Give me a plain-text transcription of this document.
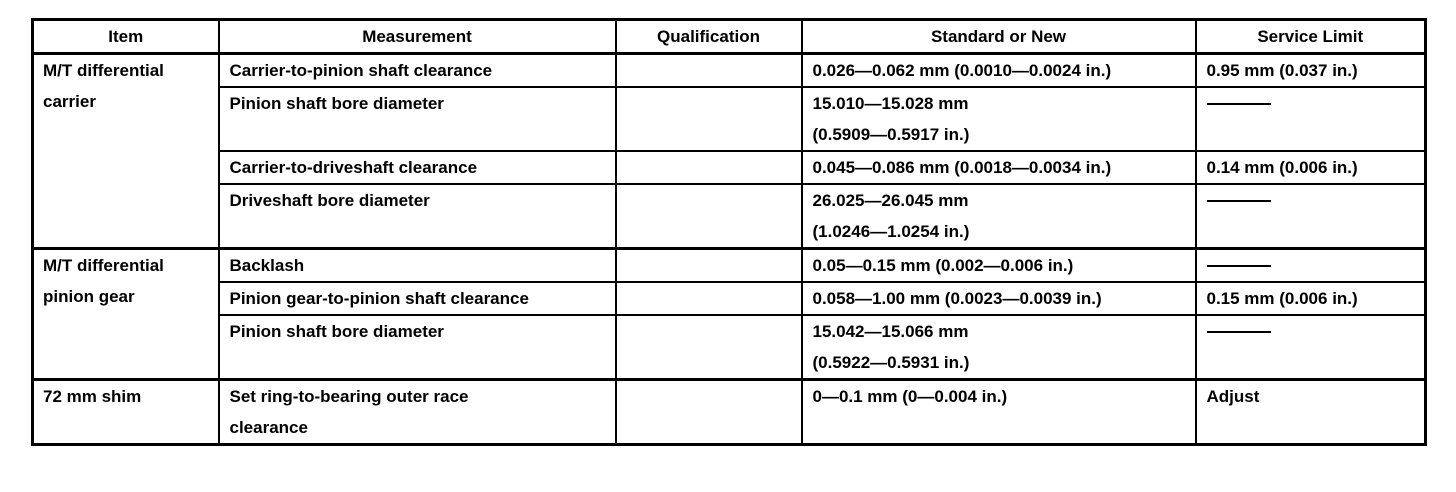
Item	Measurement	Qualification	Standard or New	Service Limit

M/T differential
carrier	Carrier-to-pinion shaft clearance		0.026—0.062 mm (0.0010—0.0024 in.)	0.95 mm (0.037 in.)

	Pinion shaft bore diameter		15.010—15.028 mm
(0.5909—0.5917 in.)	

	Carrier-to-driveshaft clearance		0.045—0.086 mm (0.0018—0.0034 in.)	0.14 mm (0.006 in.)

	Driveshaft bore diameter		26.025—26.045 mm
(1.0246—1.0254 in.)	

M/T differential
pinion gear	Backlash		0.05—0.15 mm (0.002—0.006 in.)	

	Pinion gear-to-pinion shaft clearance		0.058—1.00 mm (0.0023—0.0039 in.)	0.15 mm (0.006 in.)

	Pinion shaft bore diameter		15.042—15.066 mm
(0.5922—0.5931 in.)	

72 mm shim	Set ring-to-bearing outer race
clearance		0—0.1 mm (0—0.004 in.)	Adjust
